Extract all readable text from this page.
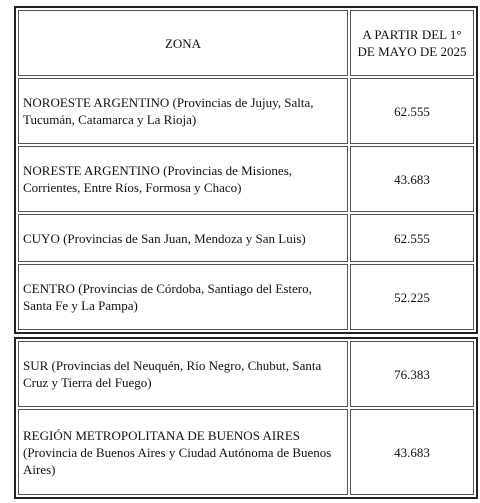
ZONA	A PARTIR DEL 1° DE MAYO DE 2025
NOROESTE ARGENTINO (Provincias de Jujuy, Salta, Tucumán, Catamarca y La Rioja)	62.555
NORESTE ARGENTINO (Provincias de Misiones, Corrientes, Entre Ríos, Formosa y Chaco)	43.683
CUYO (Provincias de San Juan, Mendoza y San Luis)	62.555
CENTRO (Provincias de Córdoba, Santiago del Estero, Santa Fe y La Pampa)	52.225
SUR (Provincias del Neuquén, Río Negro, Chubut, Santa Cruz y Tierra del Fuego)	76.383
REGIÓN METROPOLITANA DE BUENOS AIRES (Provincia de Buenos Aires y Ciudad Autónoma de Buenos Aires)	43.683
